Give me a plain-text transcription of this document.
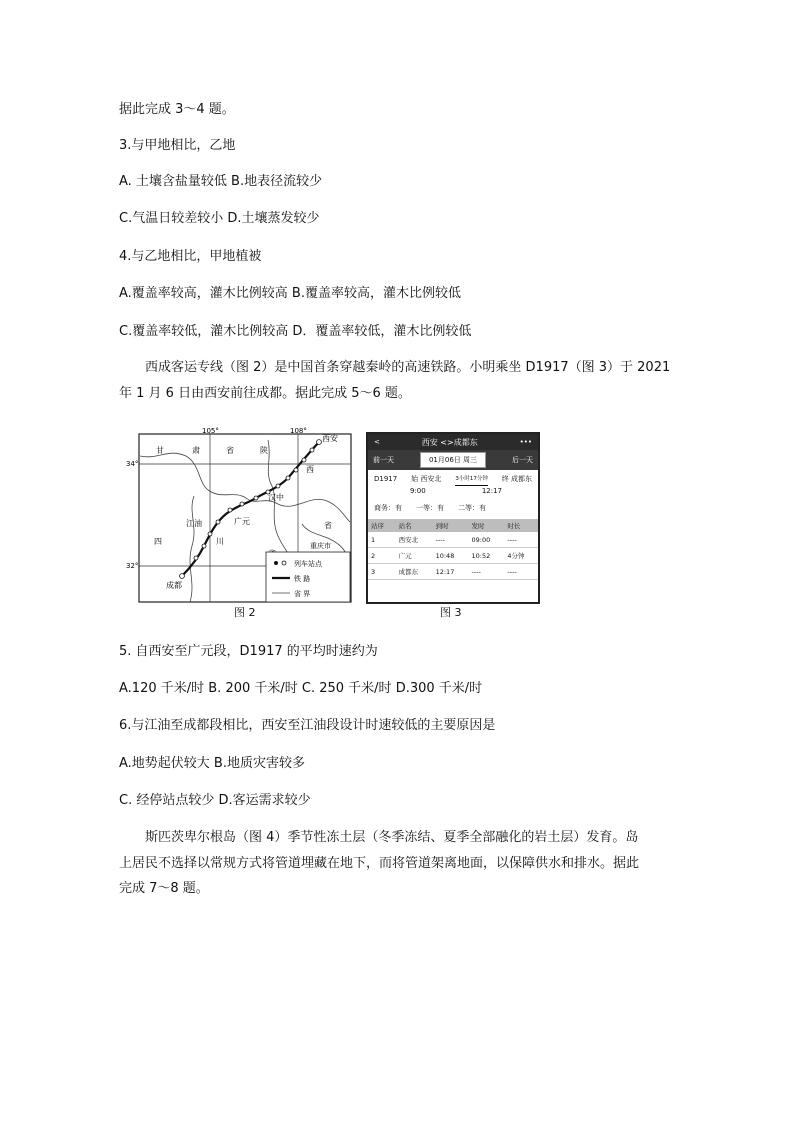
据此完成 3～4 题。
3.与甲地相比，乙地
A. 土壤含盐量较低 B.地表径流较少
C.气温日较差较小 D.土壤蒸发较少
4.与乙地相比，甲地植被
A.覆盖率较高，灌木比例较高 B.覆盖率较高，灌木比例较低
C.覆盖率较低，灌木比例较高 D．覆盖率较低，灌木比例较低
西成客运专线（图 2）是中国首条穿越秦岭的高速铁路。小明乘坐 D1917（图 3）于 2021
年 1 月 6 日由西安前往成都。据此完成 5～6 题。
105°	108°
34°
32°
甘	肃	省	陕
西
省
四	川
西安
汉中
广元
江油
成都
重庆市
列车站点
铁 路
省 界
图 2
<	西安 <>成都东	•••
前一天	01月06日 周三	后一天
D1917 始 西安北	3小时17分钟 终 成都东
9:00	12:17
商务：有 一等：有 二等：有
站序	站名	到时	发时	时长
1	西安北	----	09:00	----
2	广元	10:48	10:52	4分钟
3	成都东	12:17	----	----
图 3
5. 自西安至广元段，D1917 的平均时速约为
A.120 千米/时 B. 200 千米/时 C. 250 千米/时 D.300 千米/时
6.与江油至成都段相比，西安至江油段设计时速较低的主要原因是
A.地势起伏较大 B.地质灾害较多
C. 经停站点较少 D.客运需求较少
斯匹茨卑尔根岛（图 4）季节性冻土层（冬季冻结、夏季全部融化的岩土层）发育。岛
上居民不选择以常规方式将管道埋藏在地下，而将管道架离地面，以保障供水和排水。据此
完成 7～8 题。
